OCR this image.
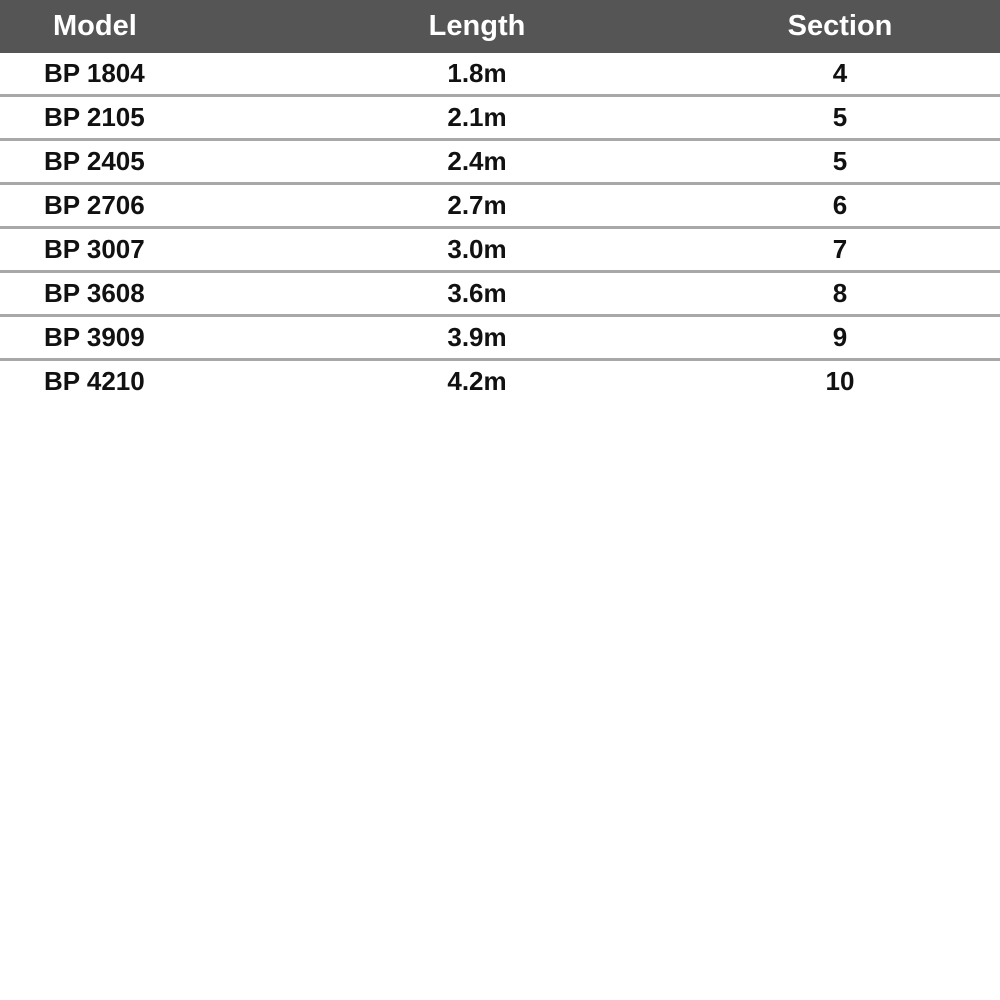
Model	Length	Section
BP 1804	1.8m	4
BP 2105	2.1m	5
BP 2405	2.4m	5
BP 2706	2.7m	6
BP 3007	3.0m	7
BP 3608	3.6m	8
BP 3909	3.9m	9
BP 4210	4.2m	10
